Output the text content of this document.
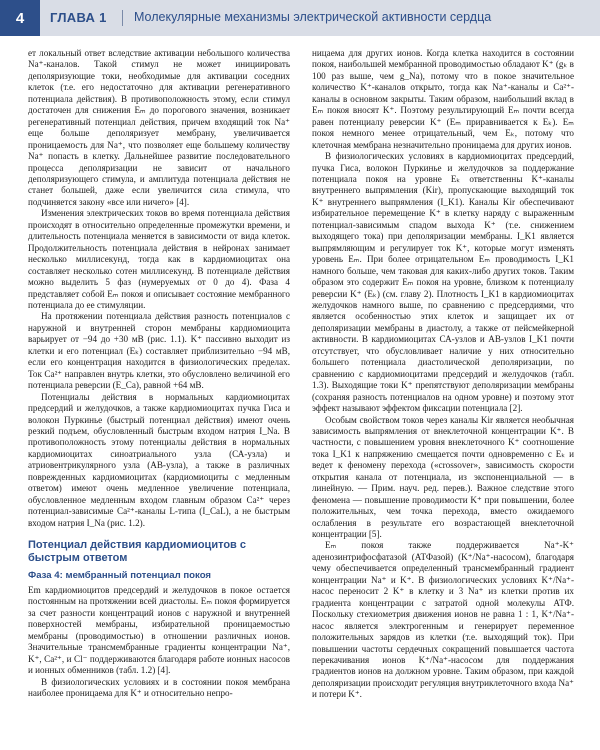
4	ГЛАВА 1 Молекулярные механизмы электрической активности сердца

ет локальный ответ вследствие активации небольшого количества Na⁺-каналов. Такой стимул не может инициировать деполяризующие токи, необходимые для активации соседних клеток (т.е. его недостаточно для активации регенеративного потенциала действия). В противоположность этому, если стимул достаточен для снижения Eₘ до порогового значения, возникает регенеративный потенциал действия, причем входящий ток Na⁺ еще больше деполяризует мембрану, увеличивается проницаемость для Na⁺, что позволяет еще большему количеству Na⁺ попасть в клетку. Дальнейшее развитие последовательного процесса деполяризации не зависит от начального деполяризующего стимула, и амплитуда потенциала действия не станет большей, даже если увеличится сила стимула, что подчиняется закону «все или ничего» [4].

Изменения электрических токов во время потенциала действия происходят в относительно определенные промежутки времени, и длительность потенциала меняется в зависимости от вида клеток. Продолжительность потенциала действия в нейронах занимает несколько миллисекунд, тогда как в кардиомиоцитах она составляет несколько сотен миллисекунд. В потенциале действия можно выделить 5 фаз (нумеруемых от 0 до 4). Фаза 4 представляет собой Eₘ покоя и описывает состояние мембранного потенциала до ее стимуляции.

На протяжении потенциала действия разность потенциалов с наружной и внутренней сторон мембраны кардиомиоцита варьирует от −94 до +30 мВ (рис. 1.1). K⁺ пассивно выходит из клетки и его потенциал (Eₖ) составляет приблизительно −94 мВ, если его концентрация находится в физиологических пределах. Ток Ca²⁺ направлен внутрь клетки, это обусловлено величиной его потенциала реверсии (E_Ca), равной +64 мВ.

Потенциалы действия в нормальных кардиомиоцитах предсердий и желудочков, а также кардиомиоцитах пучка Гиса и волокон Пуркинье (быстрый потенциал действия) имеют очень резкий подъем, обусловленный быстрым входом натрия I_Na. В противоположность этому потенциалы действия в нормальных кардиомиоцитах синоатриального узла (СА-узла) и атриовентрикулярного узла (АВ-узла), а также в различных поврежденных кардиомиоцитах (кардиомиоциты с медленным ответом) имеют очень медленное увеличение потенциала, обусловленное медленным входом главным образом Ca²⁺ через потенциал-зависимые Ca²⁺-каналы L-типа (I_CaL), а не быстрым входом натрия I_Na (рис. 1.2).

Потенциал действия кардиомиоцитов с быстрым ответом
Фаза 4: мембранный потенциал покоя

Em кардиомиоцитов предсердий и желудочков в покое остается постоянным на протяжении всей диастолы. Eₘ покоя формируется за счет разности концентраций ионов с наружной и внутренней поверхностей мембраны, избирательной проницаемостью мембраны (проводимостью) в отношении различных ионов. Значительные трансмембранные градиенты концентрации Na⁺, K⁺, Ca²⁺, и Cl⁻ поддерживаются благодаря работе ионных насосов и ионных обменников (табл. 1.2) [4].

В физиологических условиях и в состоянии покоя мембрана наиболее проницаема для K⁺ и относительно непро-

ницаема для других ионов. Когда клетка находится в состоянии покоя, наибольшей мембранной проводимостью обладают K⁺ (gₖ в 100 раз выше, чем g_Na), потому что в покое значительное количество K⁺-каналов открыто, тогда как Na⁺-каналы и Ca²⁺-каналы в основном закрыты. Таким образом, наибольший вклад в Eₘ покоя вносят K⁺. Поэтому результирующий Eₘ почти всегда равен потенциалу реверсии K⁺ (Eₘ приравнивается к Eₖ). Eₘ покоя немного менее отрицательный, чем Eₖ, потому что клеточная мембрана незначительно проницаема для других ионов.

В физиологических условиях в кардиомиоцитах предсердий, пучка Гиса, волокон Пуркинье и желудочков за поддержание потенциала покоя на уровне Eₖ ответственны K⁺-каналы внутреннего выпрямления (Kir), пропускающие выходящий ток K⁺ внутреннего выпрямления (I_K1). Каналы Kir обеспечивают избирательное перемещение K⁺ в клетку наряду с выраженным потенциал-зависимым спадом выхода K⁺ (т.е. снижением выходящего тока) при деполяризации мембраны. I_K1 является выпрямляющим и регулирует ток K⁺, которые могут изменять уровень Eₘ. При более отрицательном Eₘ проводимость I_K1 намного больше, чем таковая для каких-либо других токов. Таким образом это содержит Eₘ покоя на уровне, близком к потенциалу реверсии K⁺ (Eₖ) (см. главу 2). Плотность I_K1 в кардиомиоцитах желудочков намного выше, по сравнению с предсердиями, что является особенностью этих клеток и защищает их от деполяризации мембраны в диастолу, а также от пейсмейкерной активности. В кардиомиоцитах СА-узлов и АВ-узлов I_K1 почти отсутствует, что обусловливает наличие у них относительно большего потенциала диастолической деполяризации, по сравнению с кардиомиоцитами предсердий и желудочков (табл. 1.3). Выходящие токи K⁺ препятствуют деполяризации мембраны (сохраняя разность потенциалов на одном уровне) и поэтому этот эффект называют эффектом фиксации потенциала [2].

Особым свойством токов через каналы Kir является необычная зависимость выпрямления от внеклеточной концентрации K⁺. В частности, с повышением уровня внеклеточного K⁺ соотношение тока I_K1 к напряжению смещается почти одновременно с Eₖ и ведет к феномену перехода («crossover», зависимость скорости открытия канала от потенциала, из экспоненциальной — в линейную. — Прим. науч. ред. перев.). Важное следствие этого феномена — повышение проводимости K⁺ при повышении, более положительных, чем точка перехода, вместо ожидаемого ослабления в результате его возрастающей внеклеточной концентрации [5].

Eₘ покоя также поддерживается Na⁺-K⁺ аденозинтрифосфатазой (АТФазой) (K⁺/Na⁺-насосом), благодаря чему обеспечивается определенный трансмембранный градиент концентрации Na⁺ и K⁺. В физиологических условиях K⁺/Na⁺-насос переносит 2 K⁺ в клетку и 3 Na⁺ из клетки против их градиента концентрации с затратой одной молекулы АТФ. Поскольку стехиометрия движения ионов не равна 1 : 1, K⁺/Na⁺-насос является электрогенным и генерирует переменное положительных зарядов из клетки (т.е. выходящий ток). При повышении частоты сердечных сокращений повышается частота перекачивания ионов K⁺/Na⁺-насосом для поддержания градиентов ионов на должном уровне. Таким образом, при каждой деполяризации происходит регуляция внутриклеточного входа Na⁺ и потери K⁺.
